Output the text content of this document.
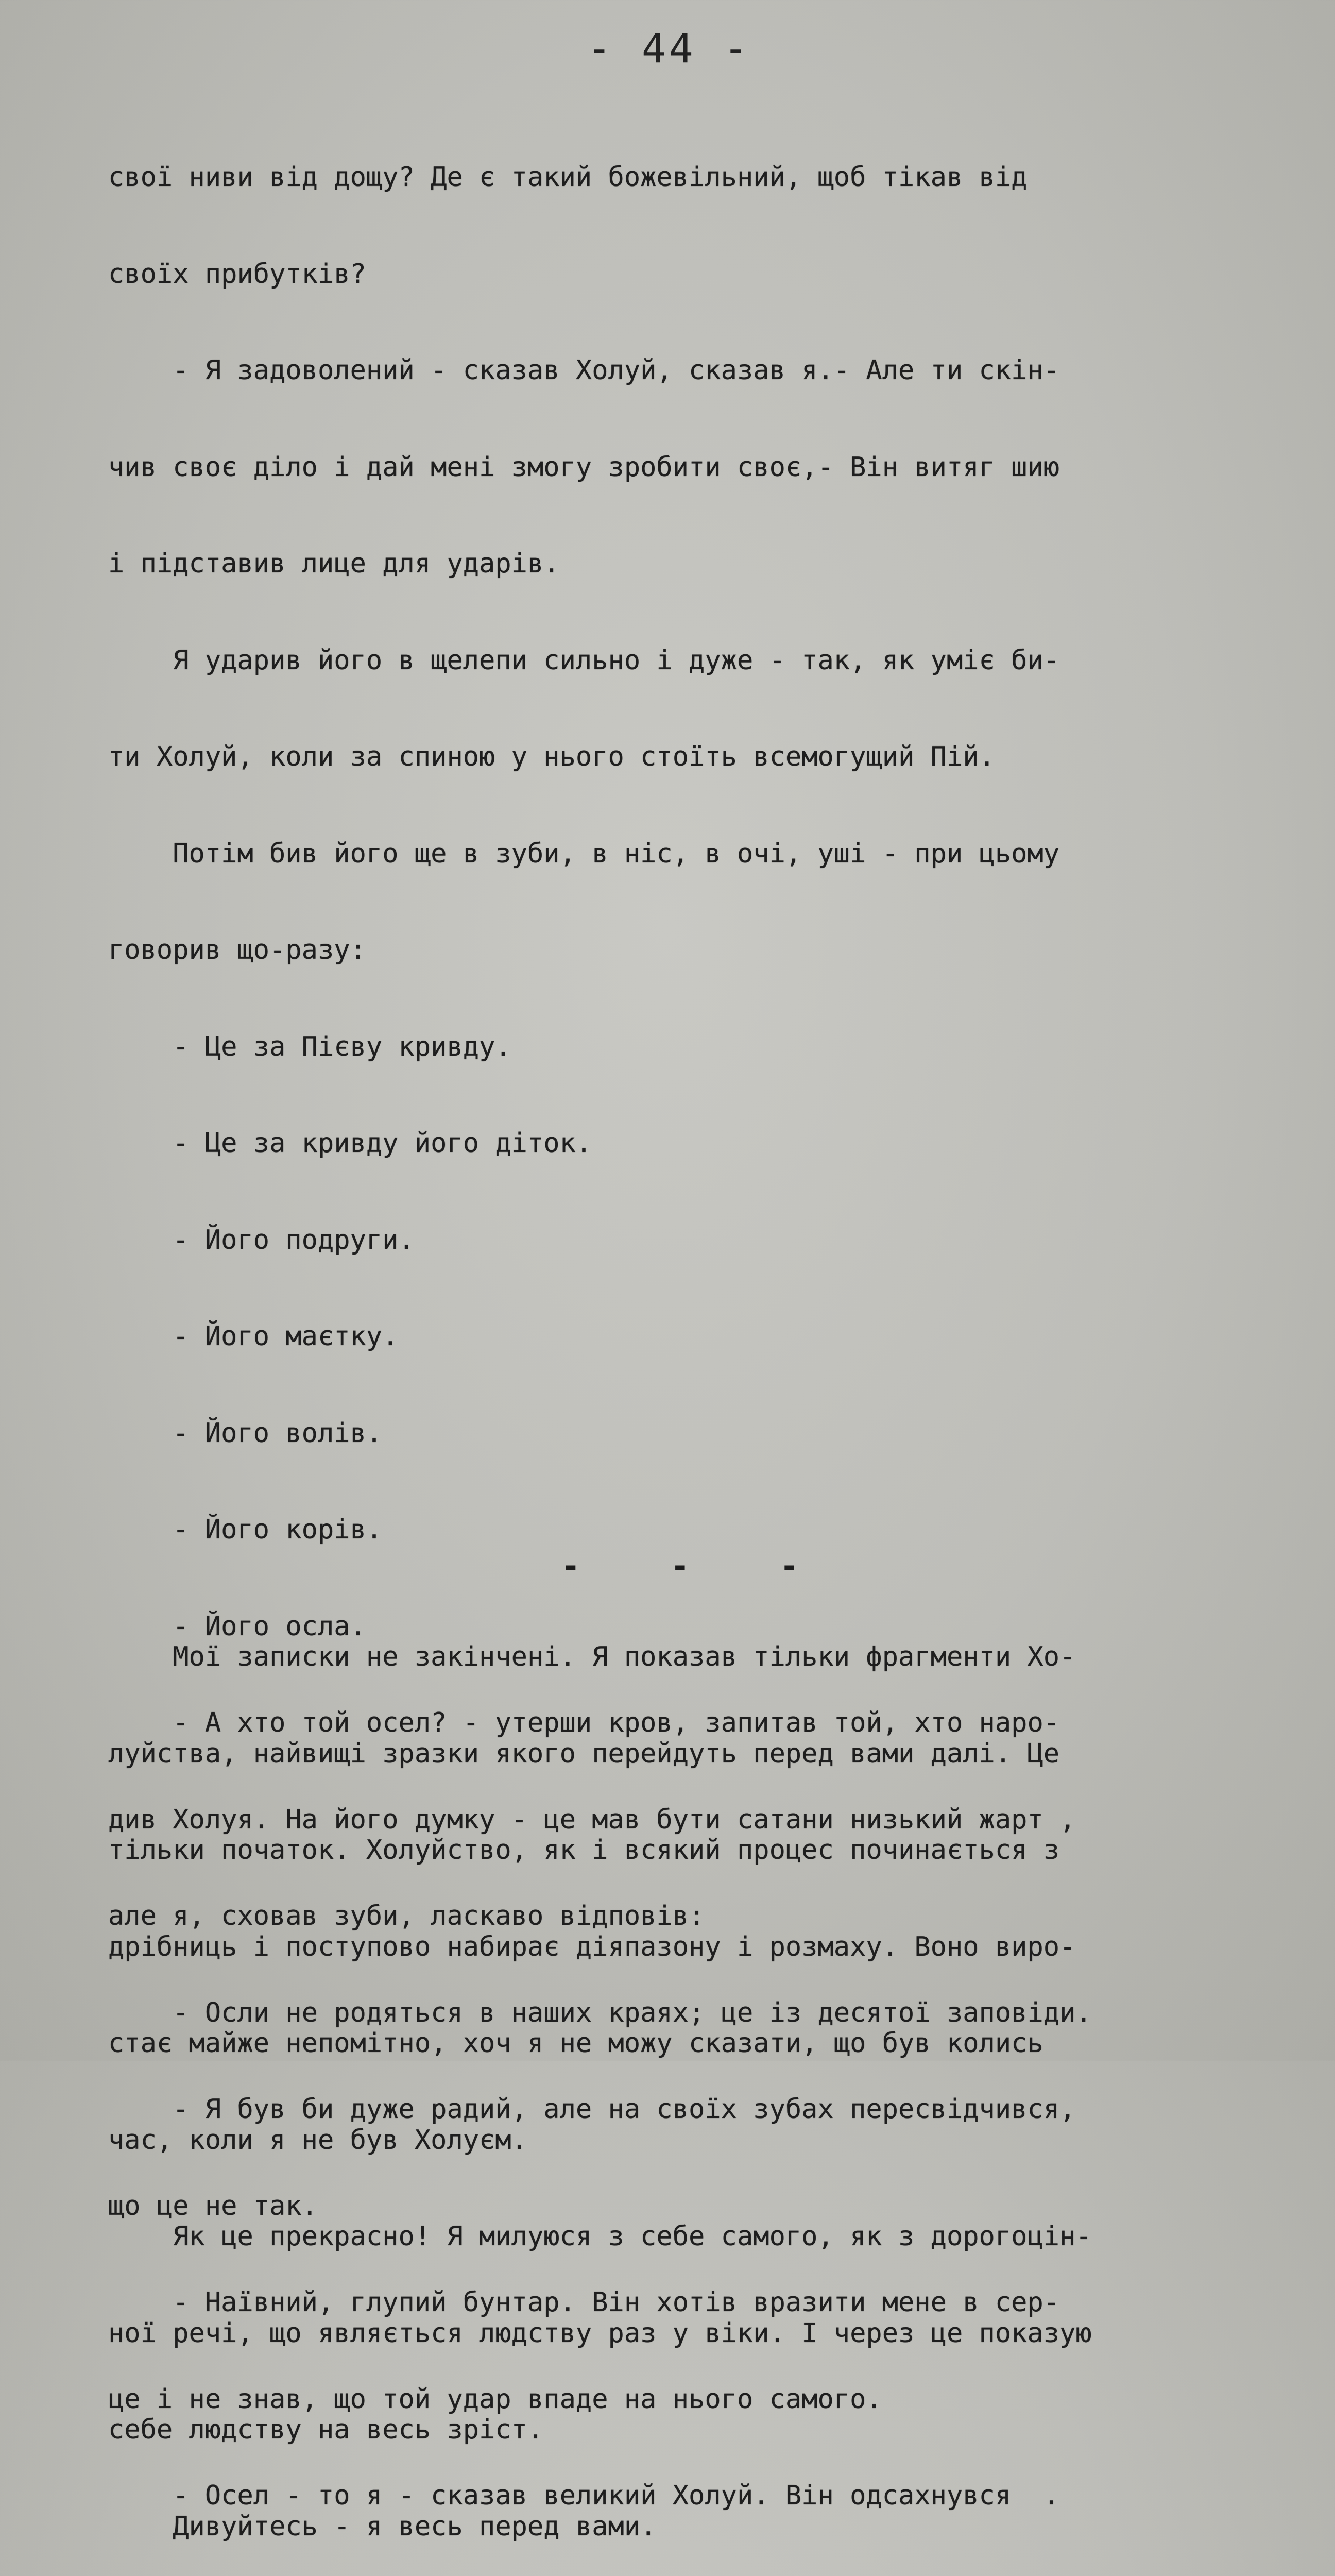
- 44 -

свої ниви від дощу? Де є такий божевільний, щоб тікав від

своїх прибутків?

- Я задоволений - сказав Холуй, сказав я.- Але ти скін-

чив своє діло і дай мені змогу зробити своє,- Він витяг шию

і підставив лице для ударів.

Я ударив його в щелепи сильно і дуже - так, як уміє би-

ти Холуй, коли за спиною у нього стоїть всемогущий Пій.

Потім бив його ще в зуби, в ніс, в очі, уші - при цьому

говорив що-разу:

- Це за Пієву кривду.

- Це за кривду його діток.

- Його подруги.

- Його маєтку.

- Його волів.

- Його корів.

- Його осла.

- А хто той осел? - утерши кров, запитав той, хто наро-

див Холуя. На його думку - це мав бути сатани низький жарт ,

але я, сховав зуби, ласкаво відповів:

- Осли не родяться в наших краях; це із десятої заповіди.

- Я був би дуже радий, але на своїх зубах пересвідчився,

що це не так.

- Наївний, глупий бунтар. Він хотів вразити мене в сер-

це і не знав, що той удар впаде на нього самого.

- Осел - то я - сказав великий Холуй. Він одсахнувся  .

- - -

Мої записки не закінчені. Я показав тільки фрагменти Хо-

луйства, найвищі зразки якого перейдуть перед вами далі. Це

тільки початок. Холуйство, як і всякий процес починається з

дрібниць і поступово набирає діяпазону і розмаху. Воно виро-

стає майже непомітно, хоч я не можу сказати, що був колись

час, коли я не був Холуєм.

Як це прекрасно! Я милуюся з себе самого, як з дорогоцін-

ної речі, що являється людству раз у віки. І через це показую

себе людству на весь зріст.

Дивуйтесь - я весь перед вами.
